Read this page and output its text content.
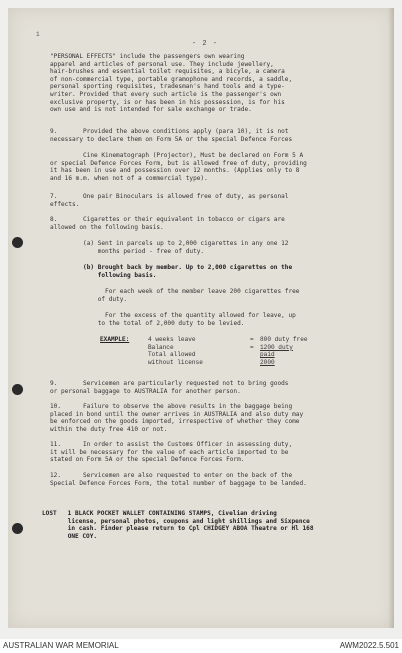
1
- 2 -
"PERSONAL EFFECTS" include the passengers own wearing
apparel and articles of personal use. They include jewellery,
hair-brushes and essential toilet requisites, a bicyle, a camera
of non-commercial type, portable gramophone and records, a saddle,
personal sporting requisites, tradesman's hand tools and a type-
writer. Provided that every such article is the passenger's own
exclusive property, is or has been in his possession, is for his
own use and is not intended for sale exchange or trade.
9.       Provided the above conditions apply (para 10), it is not
necessary to declare them on Form 5A or the special Defence Forces
Cine Kinematograph (Projector), Must be declared on Form 5 A
or special Defence Forces Form, but is allowed free of duty, providing
it has been in use and possession over 12 months. (Applies only to 8
and 16 m.m. when not of a commercial type).
7.       One pair Binoculars is allowed free of duty, as personal
effects.
8.       Cigarettes or their equivalent in tobacco or cigars are
allowed on the following basis.
(a) Sent in parcels up to 2,000 cigarettes in any one 12
months period - free of duty.
(b) Brought back by member. Up to 2,000 cigarettes on the
following basis.
For each week of the member leave 200 cigarettes free
of duty.
For the excess of the quantity allowed for leave, up
to the total of 2,000 duty to be levied.
EXAMPLE:	4 weeks leave	= 800 duty free
Balance	= 1200 duty paid
Total allowed
without license	2000
9.       Servicemen are particularly requested not to bring goods
or personal baggage to AUSTRALIA for another person.
10.      Failure to observe the above results in the baggage being
placed in bond until the owner arrives in AUSTRALIA and also duty may
be enforced on the goods imported, irrespective of whether they come
within the duty free 410 or not.
11.      In order to assist the Customs Officer in assessing duty,
it will be necessary for the value of each article imported to be
stated on Form 5A or the special Defence Forces Form.
12.      Servicemen are also requested to enter on the back of the
Special Defence Forces Form, the total number of baggage to be landed.
LOST   1 BLACK POCKET WALLET CONTAINING STAMPS, Civelian driving
license, personal photos, coupons and light shillings and Sixpence
in cash. Finder please return to Cpl CHIDGEY ABOA Theatre or Hl 168
ONE COY.
AUSTRALIAN WAR MEMORIAL	AWM2022.5.501
